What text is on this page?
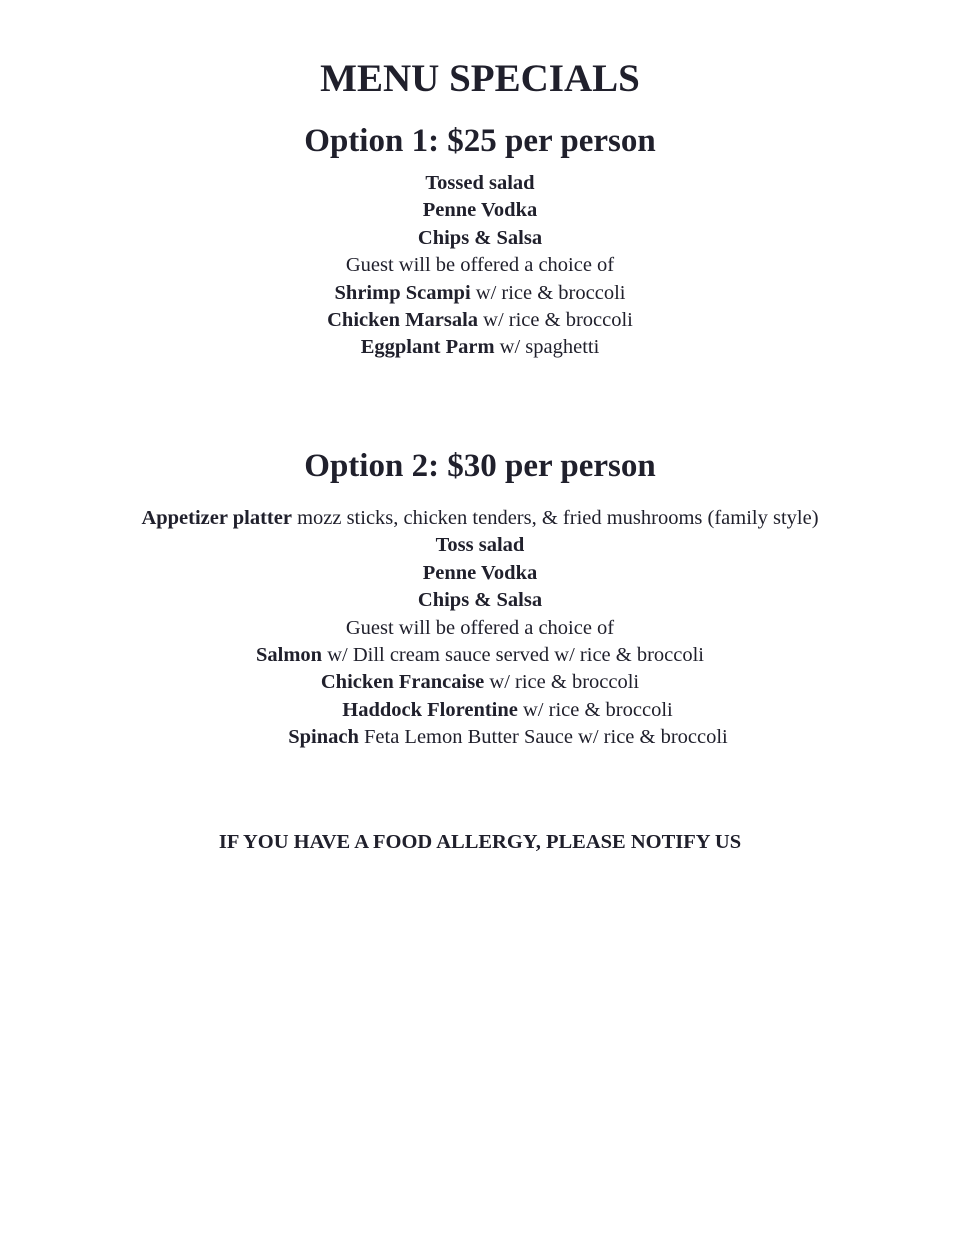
MENU SPECIALS
Option 1: $25 per person
Tossed salad
Penne Vodka
Chips & Salsa
Guest will be offered a choice of
Shrimp Scampi w/ rice & broccoli
Chicken Marsala w/ rice & broccoli
Eggplant Parm w/ spaghetti
Option 2: $30 per person
Appetizer platter mozz sticks, chicken tenders, & fried mushrooms (family style)
Toss salad
Penne Vodka
Chips & Salsa
Guest will be offered a choice of
Salmon w/ Dill cream sauce served w/ rice & broccoli
Chicken Francaise w/ rice & broccoli
Haddock Florentine w/ rice & broccoli
Spinach Feta Lemon Butter Sauce w/ rice & broccoli

IF YOU HAVE A FOOD ALLERGY, PLEASE NOTIFY US
